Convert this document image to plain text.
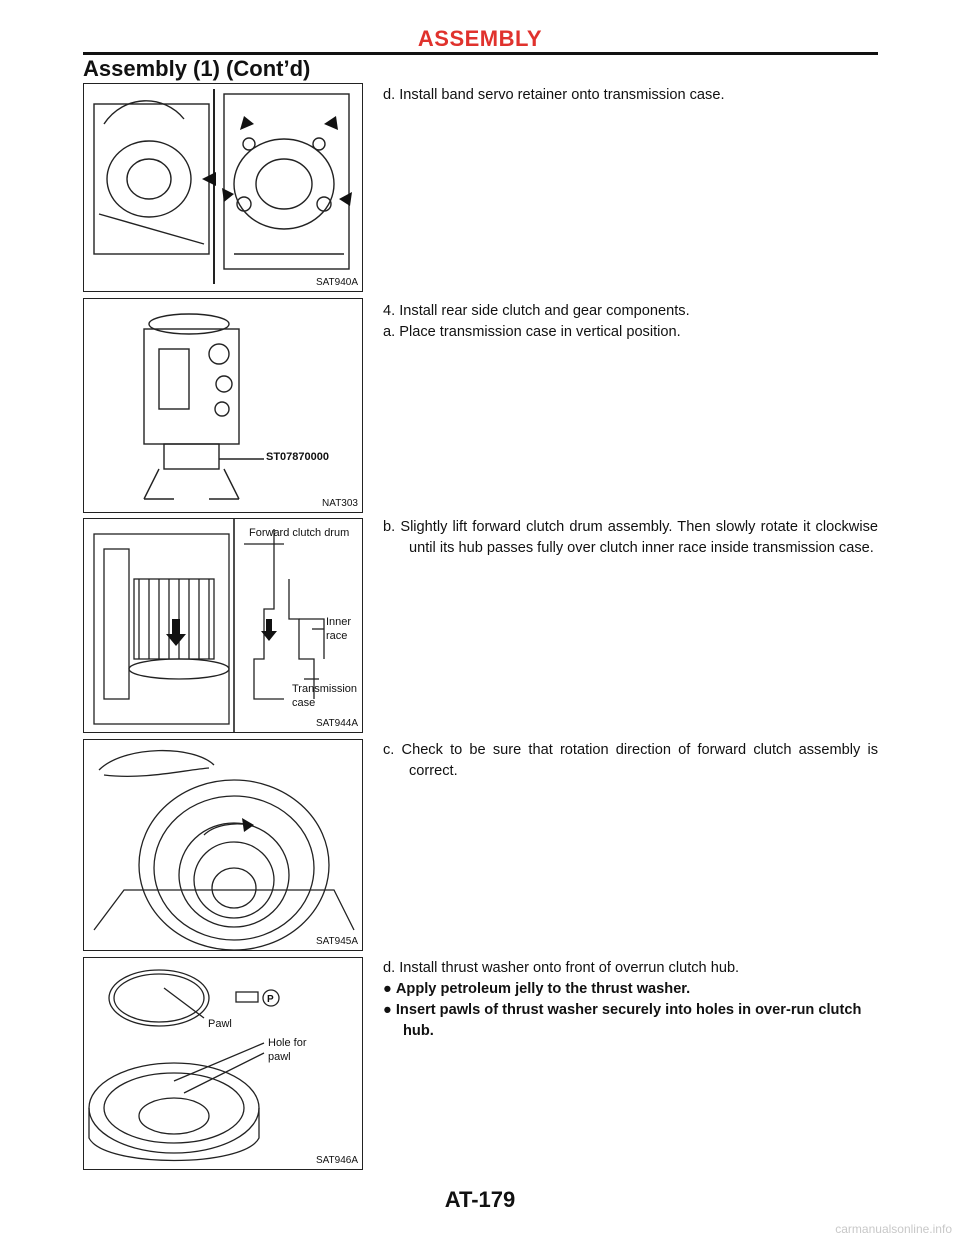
ASSEMBLY
Assembly (1) (Cont’d)
SAT940A
ST07870000
NAT303
Forward clutch drum
Inner
race
Transmission
case
SAT944A
SAT945A
P
Pawl
Hole for
pawl
SAT946A

d. Install band servo retainer onto transmission case.

4. Install rear side clutch and gear components.

a. Place transmission case in vertical position.

b. Slightly lift forward clutch drum assembly. Then slowly rotate it clockwise until its hub passes fully over clutch inner race inside transmission case.

c. Check to be sure that rotation direction of forward clutch assembly is correct.

d. Install thrust washer onto front of overrun clutch hub.

● Apply petroleum jelly to the thrust washer.

● Insert pawls of thrust washer securely into holes in over-run clutch hub.

AT-179
carmanualsonline.info
